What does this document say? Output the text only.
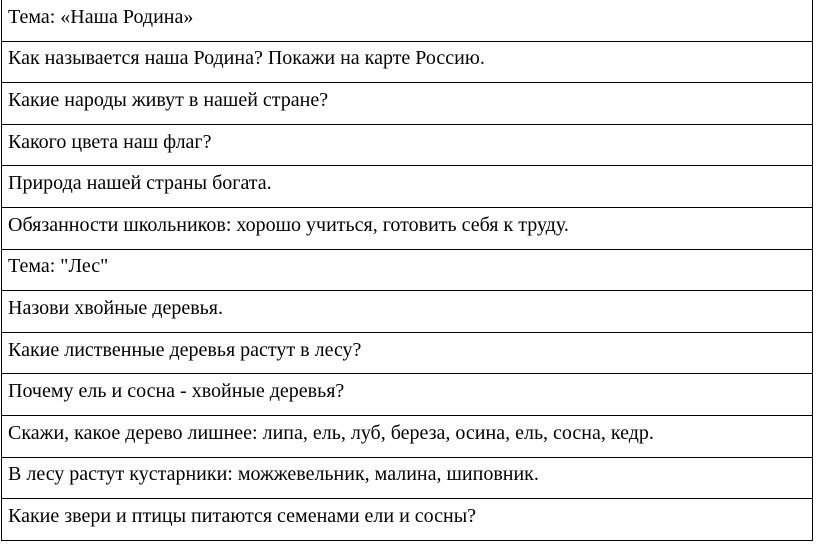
Тема: «Наша Родина»
Как называется наша Родина? Покажи на карте Россию.
Какие народы живут в нашей стране?
Какого цвета наш флаг?
Природа нашей страны богата.
Обязанности школьников: хорошо учиться, готовить себя к труду.
Тема: "Лес"
Назови хвойные деревья.
Какие лиственные деревья растут в лесу?
Почему ель и сосна - хвойные деревья?
Скажи, какое дерево лишнее: липа, ель, луб, береза, осина, ель, сосна, кедр.
В лесу растут кустарники: можжевельник, малина, шиповник.
Какие звери и птицы питаются семенами ели и сосны?
